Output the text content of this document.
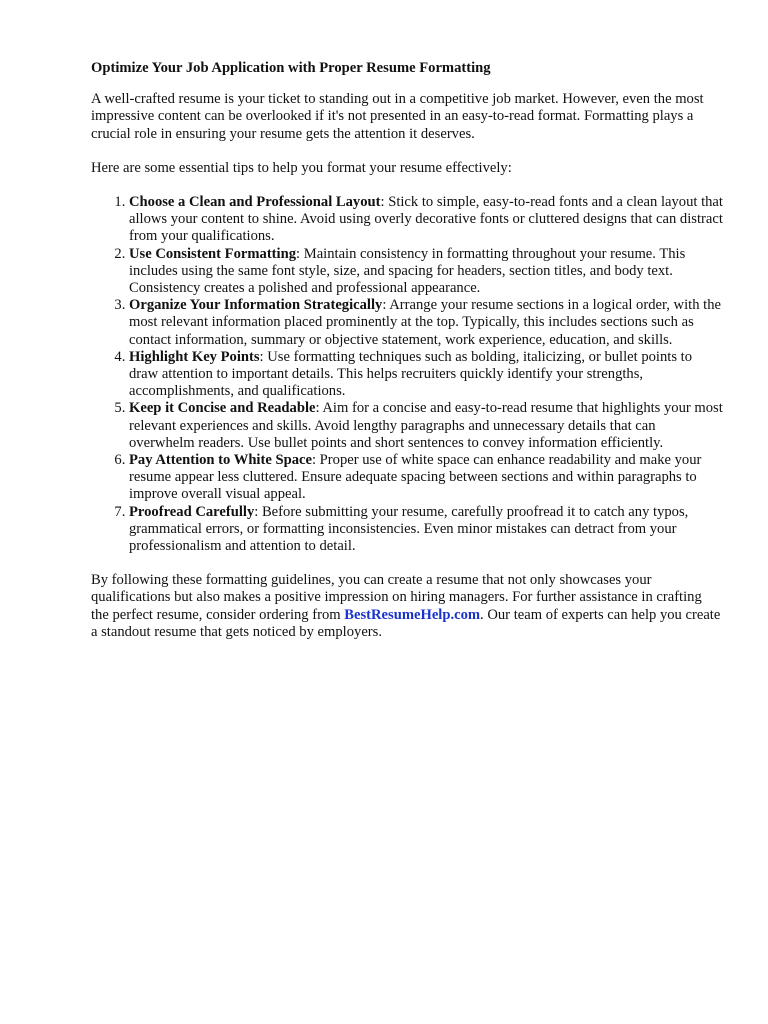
Optimize Your Job Application with Proper Resume Formatting

A well-crafted resume is your ticket to standing out in a competitive job market. However, even the most impressive content can be overlooked if it's not presented in an easy-to-read format. Formatting plays a crucial role in ensuring your resume gets the attention it deserves.

Here are some essential tips to help you format your resume effectively:

1. Choose a Clean and Professional Layout: Stick to simple, easy-to-read fonts and a clean layout that allows your content to shine. Avoid using overly decorative fonts or cluttered designs that can distract from your qualifications.
2. Use Consistent Formatting: Maintain consistency in formatting throughout your resume. This includes using the same font style, size, and spacing for headers, section titles, and body text. Consistency creates a polished and professional appearance.
3. Organize Your Information Strategically: Arrange your resume sections in a logical order, with the most relevant information placed prominently at the top. Typically, this includes sections such as contact information, summary or objective statement, work experience, education, and skills.
4. Highlight Key Points: Use formatting techniques such as bolding, italicizing, or bullet points to draw attention to important details. This helps recruiters quickly identify your strengths, accomplishments, and qualifications.
5. Keep it Concise and Readable: Aim for a concise and easy-to-read resume that highlights your most relevant experiences and skills. Avoid lengthy paragraphs and unnecessary details that can overwhelm readers. Use bullet points and short sentences to convey information efficiently.
6. Pay Attention to White Space: Proper use of white space can enhance readability and make your resume appear less cluttered. Ensure adequate spacing between sections and within paragraphs to improve overall visual appeal.
7. Proofread Carefully: Before submitting your resume, carefully proofread it to catch any typos, grammatical errors, or formatting inconsistencies. Even minor mistakes can detract from your professionalism and attention to detail.

By following these formatting guidelines, you can create a resume that not only showcases your qualifications but also makes a positive impression on hiring managers. For further assistance in crafting the perfect resume, consider ordering from BestResumeHelp.com. Our team of experts can help you create a standout resume that gets noticed by employers.
